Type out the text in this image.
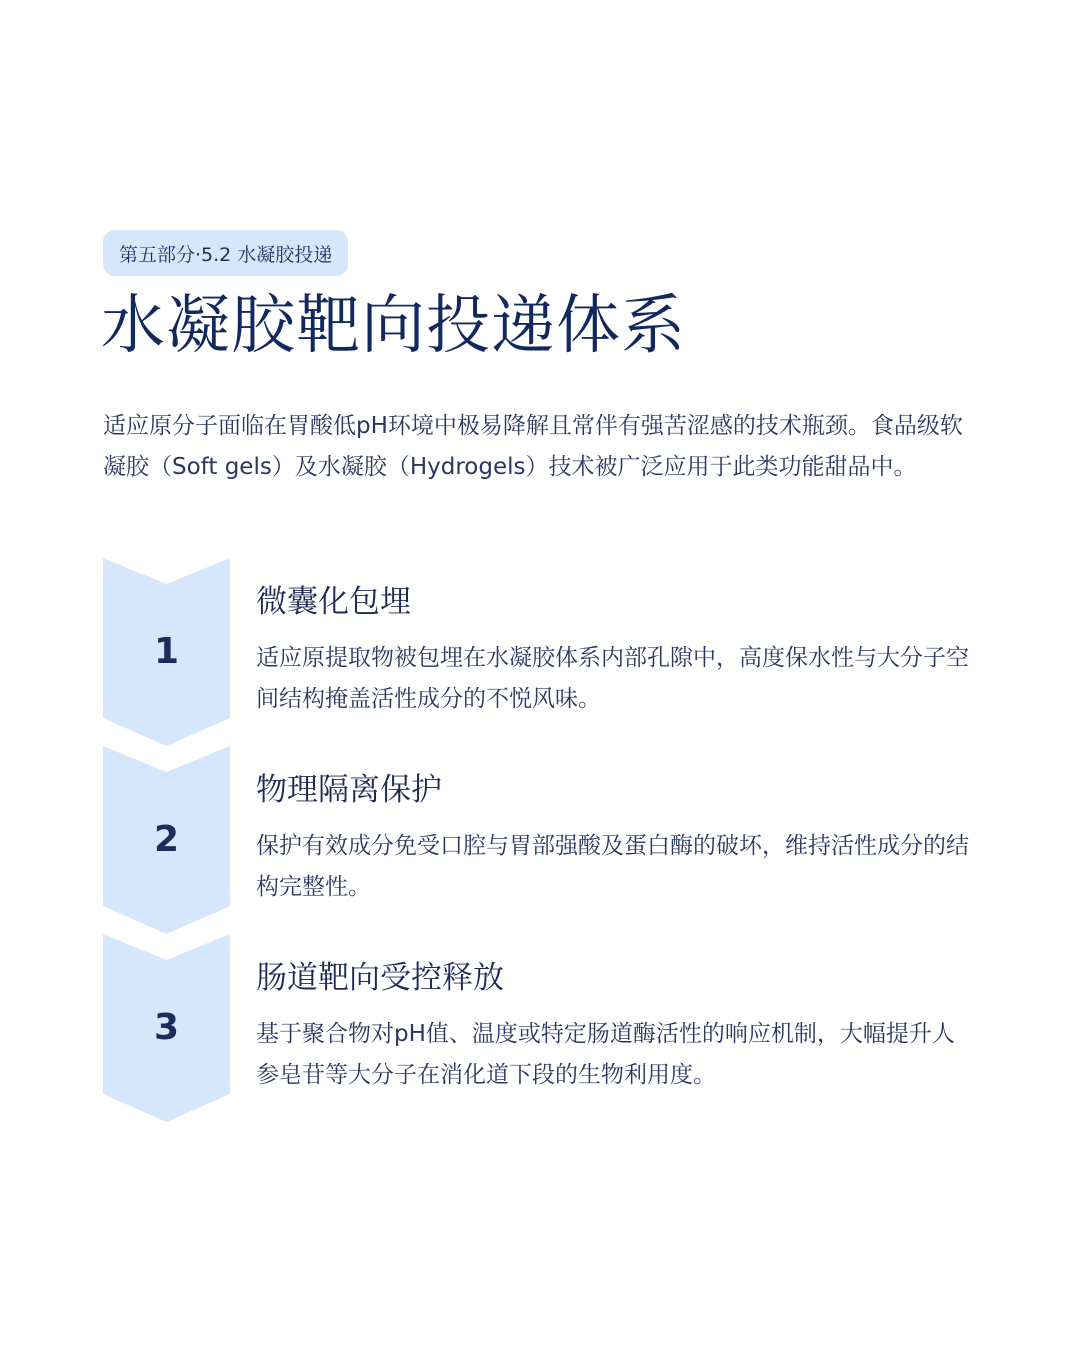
第五部分·5.2 水凝胶投递
水凝胶靶向投递体系
适应原分子面临在胃酸低pH环境中极易降解且常伴有强苦涩感的技术瓶颈。食品级软凝胶（Soft gels）及水凝胶（Hydrogels）技术被广泛应用于此类功能甜品中。
1
微囊化包埋
适应原提取物被包埋在水凝胶体系内部孔隙中，高度保水性与大分子空间结构掩盖活性成分的不悦风味。
2
物理隔离保护
保护有效成分免受口腔与胃部强酸及蛋白酶的破坏，维持活性成分的结构完整性。
3
肠道靶向受控释放
基于聚合物对pH值、温度或特定肠道酶活性的响应机制，大幅提升人参皂苷等大分子在消化道下段的生物利用度。
